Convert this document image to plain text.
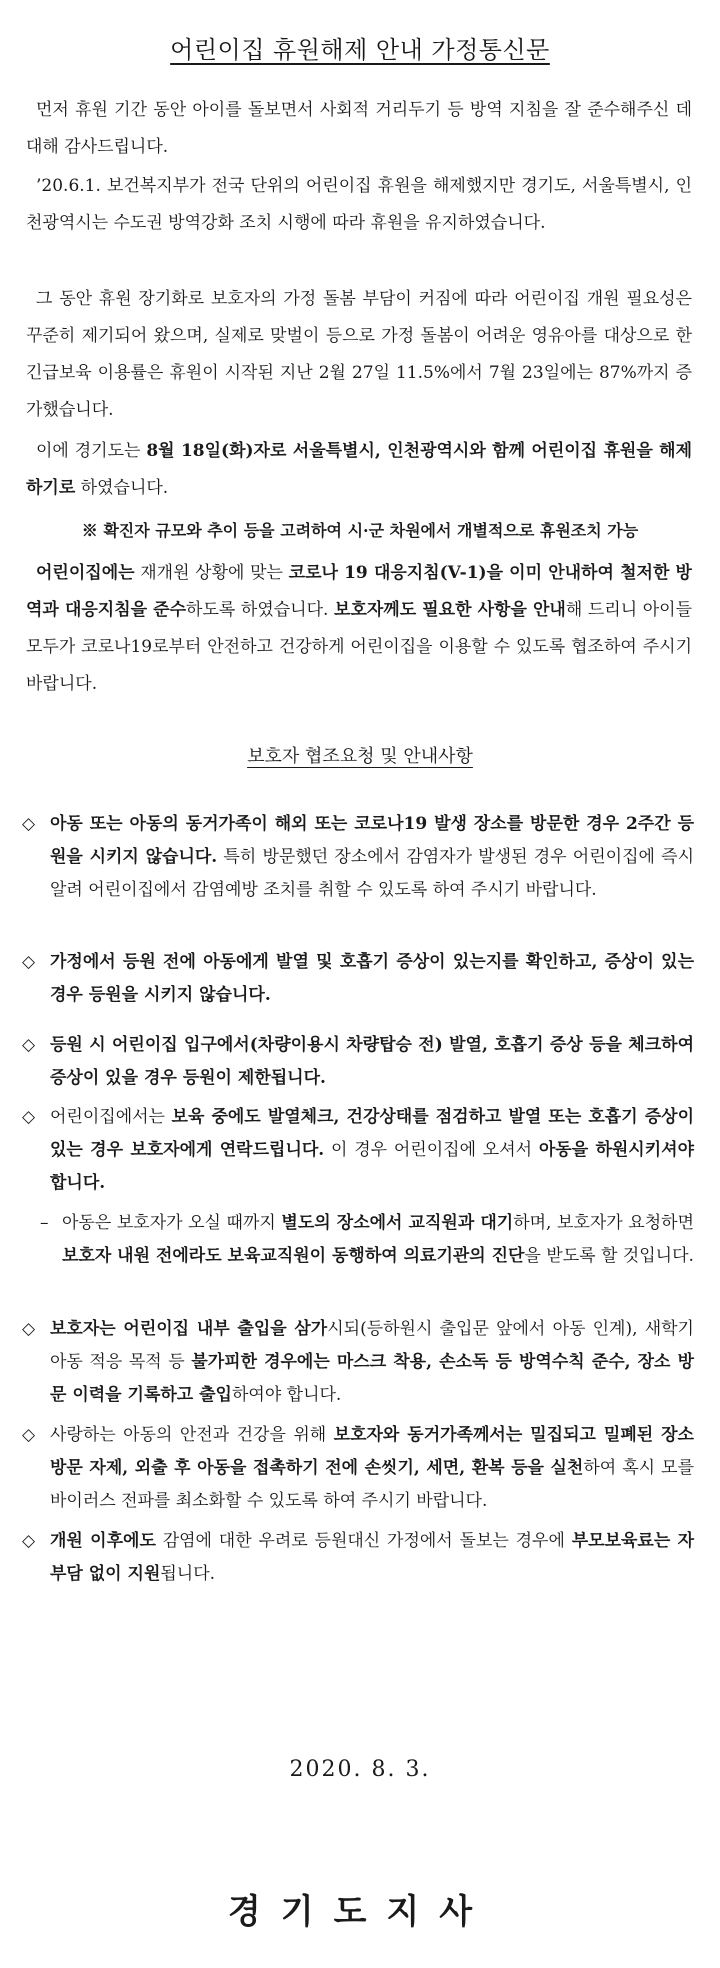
어린이집 휴원해제 안내 가정통신문
먼저 휴원 기간 동안 아이를 돌보면서 사회적 거리두기 등 방역 지침을 잘 준수해주신 데 대해 감사드립니다.
’20.6.1. 보건복지부가 전국 단위의 어린이집 휴원을 해제했지만 경기도, 서울특별시, 인천광역시는 수도권 방역강화 조치 시행에 따라 휴원을 유지하였습니다.
그 동안 휴원 장기화로 보호자의 가정 돌봄 부담이 커짐에 따라 어린이집 개원 필요성은 꾸준히 제기되어 왔으며, 실제로 맞벌이 등으로 가정 돌봄이 어려운 영유아를 대상으로 한 긴급보육 이용률은 휴원이 시작된 지난 2월 27일 11.5%에서 7월 23일에는 87%까지 증가했습니다.
이에 경기도는 8월 18일(화)자로 서울특별시, 인천광역시와 함께 어린이집 휴원을 해제하기로 하였습니다.
※ 확진자 규모와 추이 등을 고려하여 시·군 차원에서 개별적으로 휴원조치 가능
어린이집에는 재개원 상황에 맞는 코로나 19 대응지침(V-1)을 이미 안내하여 철저한 방역과 대응지침을 준수하도록 하였습니다. 보호자께도 필요한 사항을 안내해 드리니 아이들 모두가 코로나19로부터 안전하고 건강하게 어린이집을 이용할 수 있도록 협조하여 주시기 바랍니다.
보호자 협조요청 및 안내사항
◇ 아동 또는 아동의 동거가족이 해외 또는 코로나19 발생 장소를 방문한 경우 2주간 등원을 시키지 않습니다. 특히 방문했던 장소에서 감염자가 발생된 경우 어린이집에 즉시 알려 어린이집에서 감염예방 조치를 취할 수 있도록 하여 주시기 바랍니다.
◇ 가정에서 등원 전에 아동에게 발열 및 호흡기 증상이 있는지를 확인하고, 증상이 있는 경우 등원을 시키지 않습니다.
◇ 등원 시 어린이집 입구에서(차량이용시 차량탑승 전) 발열, 호흡기 증상 등을 체크하여 증상이 있을 경우 등원이 제한됩니다.
◇ 어린이집에서는 보육 중에도 발열체크, 건강상태를 점검하고 발열 또는 호흡기 증상이 있는 경우 보호자에게 연락드립니다. 이 경우 어린이집에 오셔서 아동을 하원시키셔야 합니다.
– 아동은 보호자가 오실 때까지 별도의 장소에서 교직원과 대기하며, 보호자가 요청하면 보호자 내원 전에라도 보육교직원이 동행하여 의료기관의 진단을 받도록 할 것입니다.
◇ 보호자는 어린이집 내부 출입을 삼가시되(등하원시 출입문 앞에서 아동 인계), 새학기 아동 적응 목적 등 불가피한 경우에는 마스크 착용, 손소독 등 방역수칙 준수, 장소 방문 이력을 기록하고 출입하여야 합니다.
◇ 사랑하는 아동의 안전과 건강을 위해 보호자와 동거가족께서는 밀집되고 밀폐된 장소 방문 자제, 외출 후 아동을 접촉하기 전에 손씻기, 세면, 환복 등을 실천하여 혹시 모를 바이러스 전파를 최소화할 수 있도록 하여 주시기 바랍니다.
◇ 개원 이후에도 감염에 대한 우려로 등원대신 가정에서 돌보는 경우에 부모보육료는 자부담 없이 지원됩니다.
2020. 8. 3.
경기도지사
